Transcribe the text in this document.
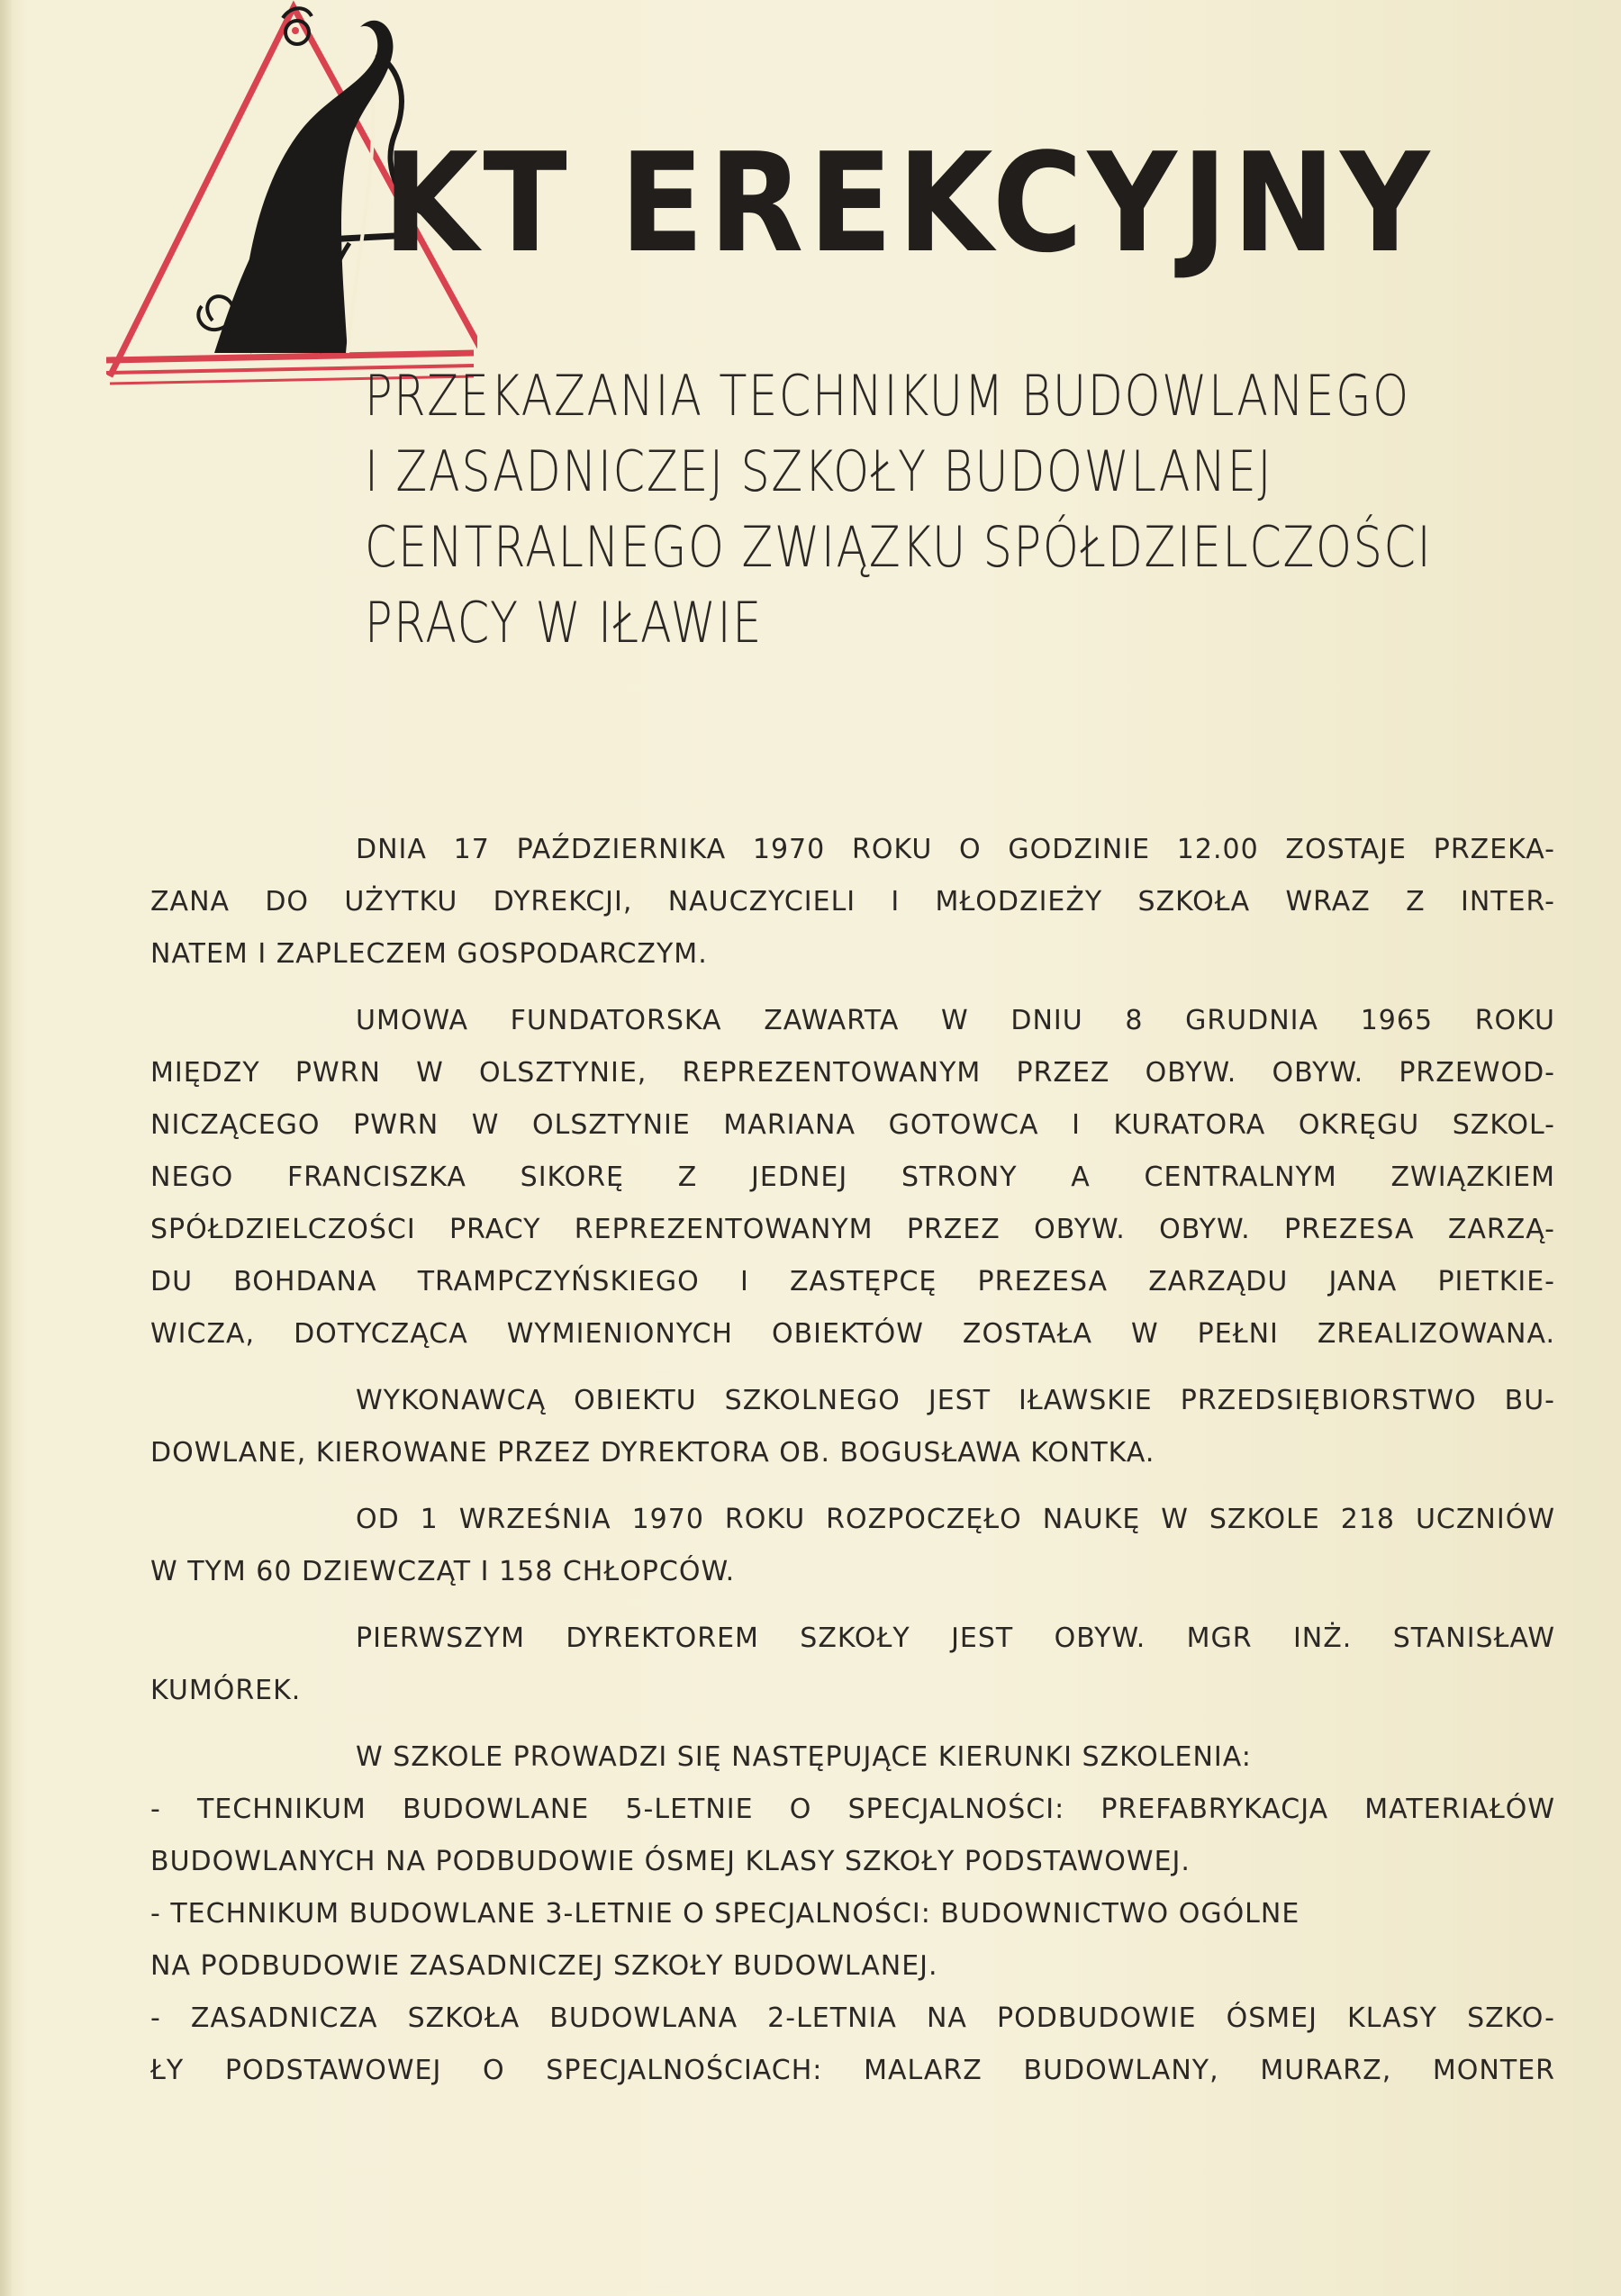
KT EREKCYJNY
PRZEKAZANIA TECHNIKUM BUDOWLANEGO
I ZASADNICZEJ SZKOŁY BUDOWLANEJ
CENTRALNEGO ZWIĄZKU SPÓŁDZIELCZOŚCI
PRACY W IŁAWIE
DNIA 17 PAŹDZIERNIKA 1970 ROKU O GODZINIE 12.00 ZOSTAJE PRZEKA-
ZANA DO UŻYTKU DYREKCJI, NAUCZYCIELI I MŁODZIEŻY SZKOŁA WRAZ Z INTER-
NATEM I ZAPLECZEM GOSPODARCZYM.
UMOWA FUNDATORSKA ZAWARTA W DNIU 8 GRUDNIA 1965 ROKU
MIĘDZY PWRN W OLSZTYNIE, REPREZENTOWANYM PRZEZ OBYW. OBYW. PRZEWOD-
NICZĄCEGO PWRN W OLSZTYNIE MARIANA GOTOWCA I KURATORA OKRĘGU SZKOL-
NEGO FRANCISZKA SIKORĘ Z JEDNEJ STRONY A CENTRALNYM ZWIĄZKIEM
SPÓŁDZIELCZOŚCI PRACY REPREZENTOWANYM PRZEZ OBYW. OBYW. PREZESA ZARZĄ-
DU BOHDANA TRAMPCZYŃSKIEGO I ZASTĘPCĘ PREZESA ZARZĄDU JANA PIETKIE-
WICZA, DOTYCZĄCA WYMIENIONYCH OBIEKTÓW ZOSTAŁA W PEŁNI ZREALIZOWANA.
WYKONAWCĄ OBIEKTU SZKOLNEGO JEST IŁAWSKIE PRZEDSIĘBIORSTWO BU-
DOWLANE, KIEROWANE PRZEZ DYREKTORA OB. BOGUSŁAWA KONTKA.
OD 1 WRZEŚNIA 1970 ROKU ROZPOCZĘŁO NAUKĘ W SZKOLE 218 UCZNIÓW
W TYM 60 DZIEWCZĄT I 158 CHŁOPCÓW.
PIERWSZYM DYREKTOREM SZKOŁY JEST OBYW. MGR INŻ. STANISŁAW
KUMÓREK.
W SZKOLE PROWADZI SIĘ NASTĘPUJĄCE KIERUNKI SZKOLENIA:
- TECHNIKUM BUDOWLANE 5-LETNIE O SPECJALNOŚCI: PREFABRYKACJA MATERIAŁÓW
BUDOWLANYCH NA PODBUDOWIE ÓSMEJ KLASY SZKOŁY PODSTAWOWEJ.
- TECHNIKUM BUDOWLANE 3-LETNIE O SPECJALNOŚCI: BUDOWNICTWO OGÓLNE
NA PODBUDOWIE ZASADNICZEJ SZKOŁY BUDOWLANEJ.
- ZASADNICZA SZKOŁA BUDOWLANA 2-LETNIA NA PODBUDOWIE ÓSMEJ KLASY SZKO-
ŁY PODSTAWOWEJ O SPECJALNOŚCIACH: MALARZ BUDOWLANY, MURARZ, MONTER
